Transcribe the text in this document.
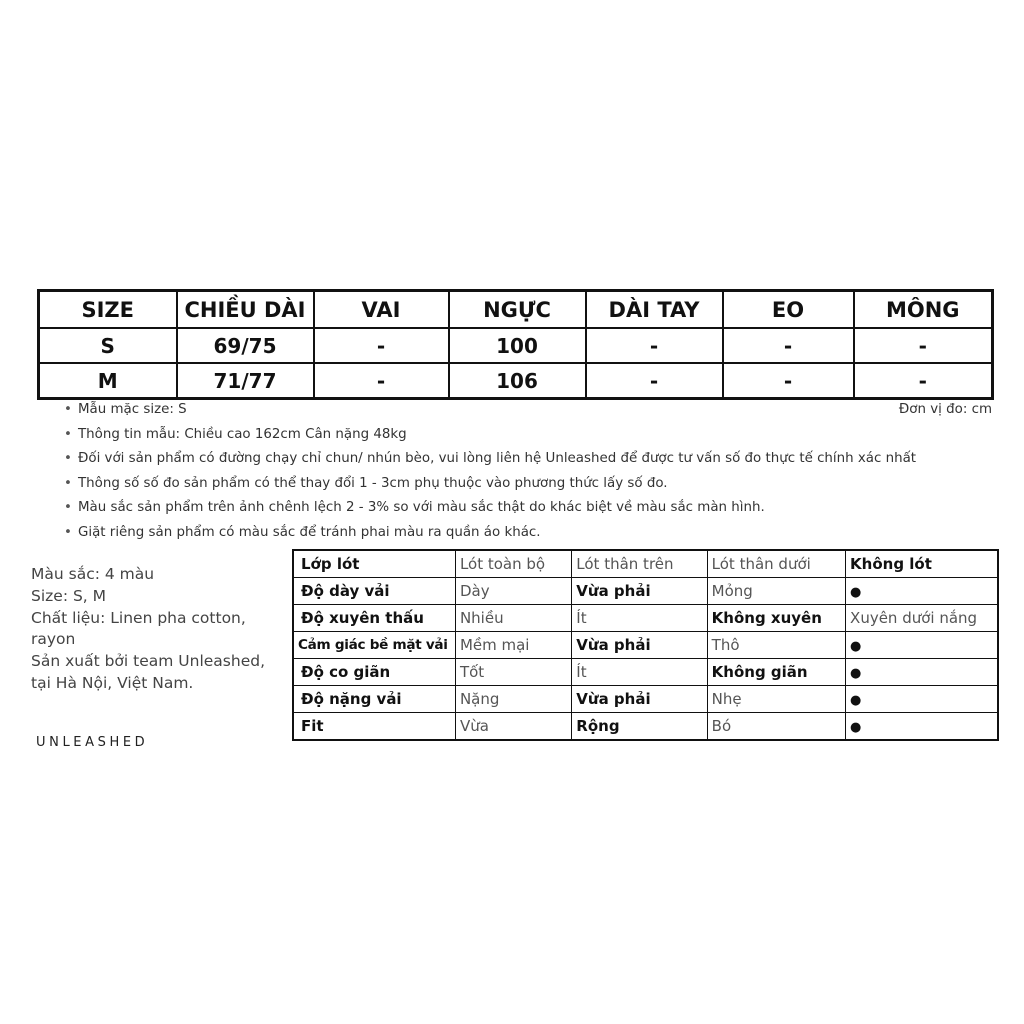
SIZE	CHIỀU DÀI	VAI	NGỰC	DÀI TAY	EO	MÔNG
S	69/75	-	100	-	-	-
M	71/77	-	106	-	-	-
• Mẫu mặc size: S
• Thông tin mẫu: Chiều cao 162cm Cân nặng 48kg
• Đối với sản phẩm có đường chạy chỉ chun/ nhún bèo, vui lòng liên hệ Unleashed để được tư vấn số đo thực tế chính xác nhất
• Thông số số đo sản phẩm có thể thay đổi 1 - 3cm phụ thuộc vào phương thức lấy số đo.
• Màu sắc sản phẩm trên ảnh chênh lệch 2 - 3% so với màu sắc thật do khác biệt về màu sắc màn hình.
• Giặt riêng sản phẩm có màu sắc để tránh phai màu ra quần áo khác.
Đơn vị đo: cm
Màu sắc: 4 màu
Size: S, M
Chất liệu: Linen pha cotton,
rayon
Sản xuất bởi team Unleashed,
tại Hà Nội, Việt Nam.
UNLEASHED
Lớp lót	Lót toàn bộ	Lót thân trên	Lót thân dưới	Không lót
Độ dày vải	Dày	Vừa phải	Mỏng	●
Độ xuyên thấu	Nhiều	Ít	Không xuyên	Xuyên dưới nắng
Cảm giác bề mặt vải	Mềm mại	Vừa phải	Thô	●
Độ co giãn	Tốt	Ít	Không giãn	●
Độ nặng vải	Nặng	Vừa phải	Nhẹ	●
Fit	Vừa	Rộng	Bó	●
